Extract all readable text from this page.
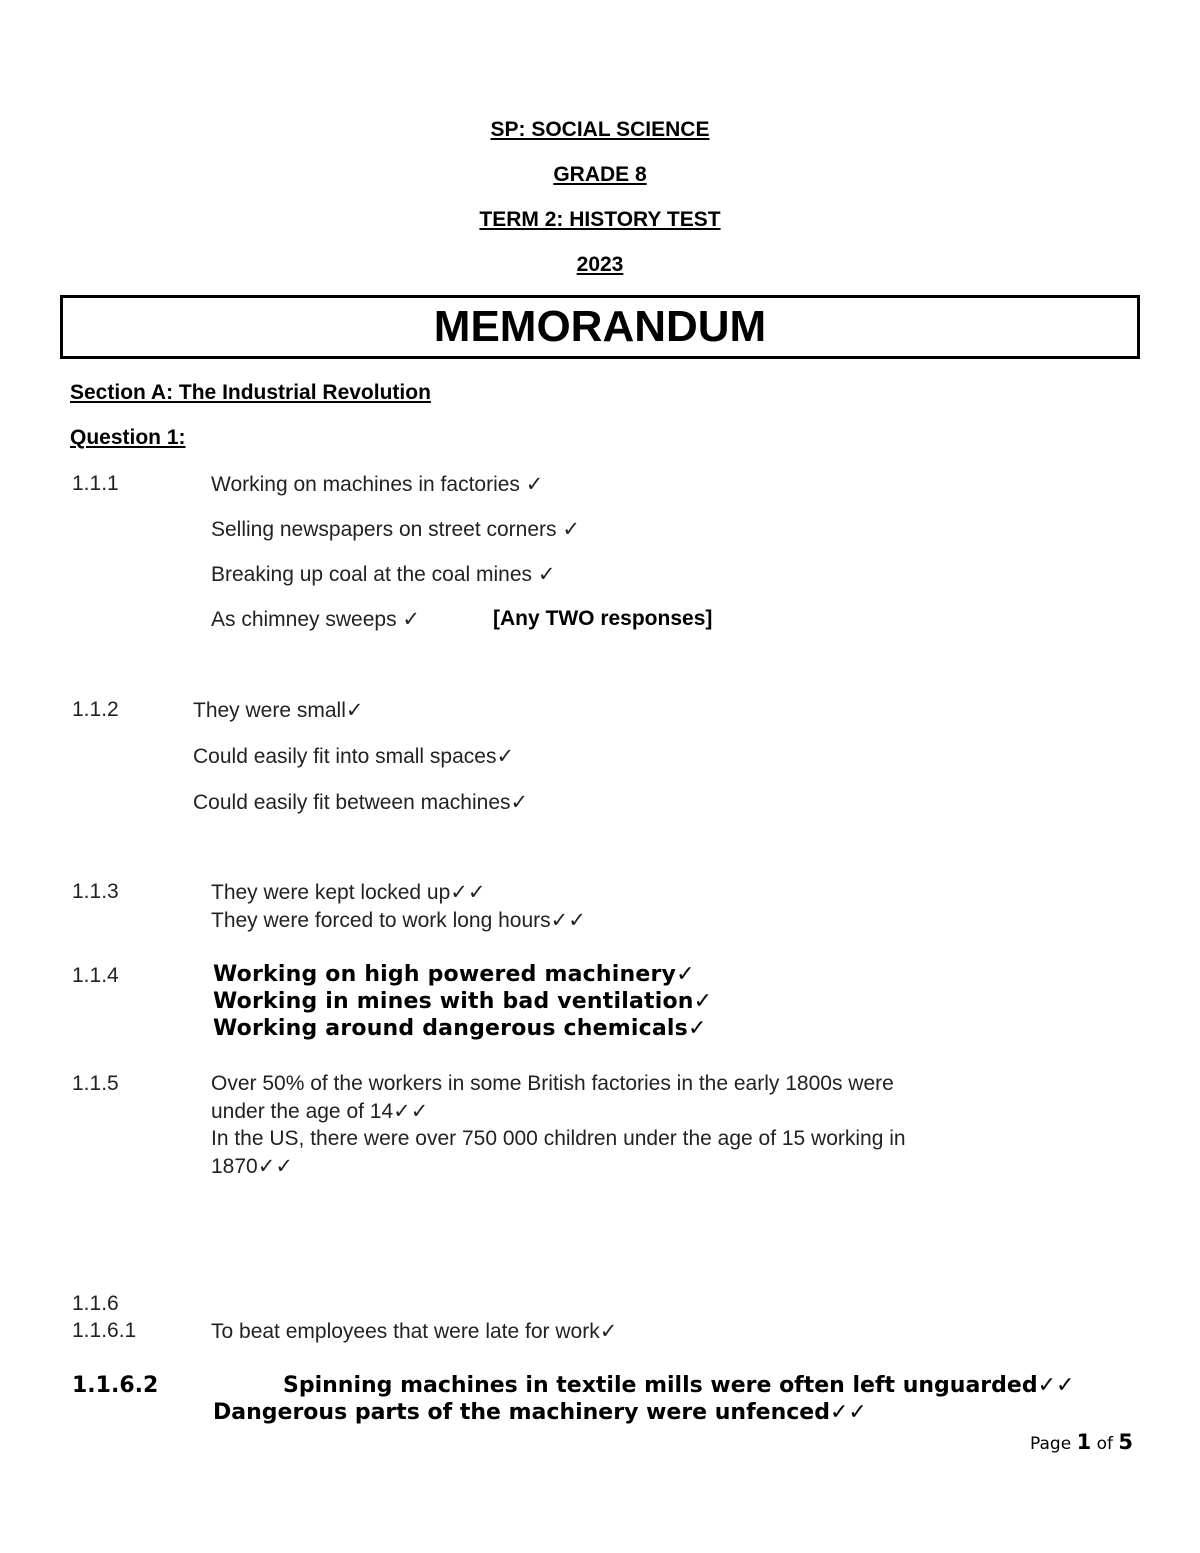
SP: SOCIAL SCIENCE
GRADE 8
TERM 2: HISTORY TEST
2023
MEMORANDUM
Section A: The Industrial Revolution
Question 1:
1.1.1	Working on machines in factories ✓
Selling newspapers on street corners ✓
Breaking up coal at the coal mines ✓
As chimney sweeps ✓	[Any TWO responses]
1.1.2	They were small✓
Could easily fit into small spaces✓
Could easily fit between machines✓
1.1.3	They were kept locked up✓✓
They were forced to work long hours✓✓
1.1.4	Working on high powered machinery✓
Working in mines with bad ventilation✓
Working around dangerous chemicals✓
1.1.5	Over 50% of the workers in some British factories in the early 1800s were
under the age of 14✓✓
In the US, there were over 750 000 children under the age of 15 working in
1870✓✓
1.1.6
1.1.6.1	To beat employees that were late for work✓
1.1.6.2	Spinning machines in textile mills were often left unguarded✓✓
Dangerous parts of the machinery were unfenced✓✓
Page 1 of 5
